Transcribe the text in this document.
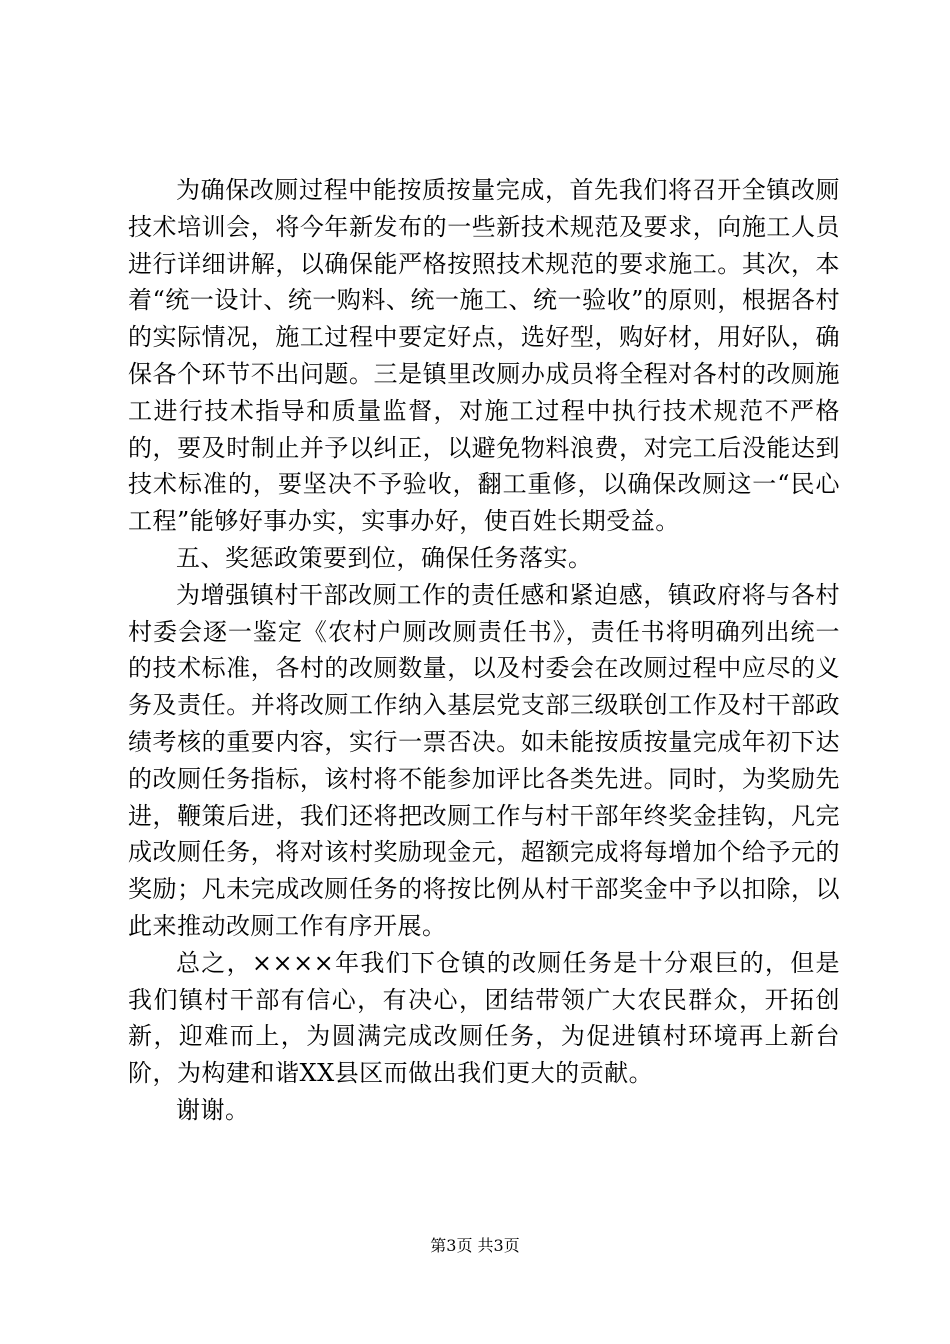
为确保改厕过程中能按质按量完成，首先我们将召开全镇改厕技术培训会，将今年新发布的一些新技术规范及要求，向施工人员进行详细讲解，以确保能严格按照技术规范的要求施工。其次，本着“统一设计、统一购料、统一施工、统一验收”的原则，根据各村的实际情况，施工过程中要定好点，选好型，购好材，用好队，确保各个环节不出问题。三是镇里改厕办成员将全程对各村的改厕施工进行技术指导和质量监督，对施工过程中执行技术规范不严格的，要及时制止并予以纠正，以避免物料浪费，对完工后没能达到技术标准的，要坚决不予验收，翻工重修，以确保改厕这一“民心工程”能够好事办实，实事办好，使百姓长期受益。

五、奖惩政策要到位，确保任务落实。

为增强镇村干部改厕工作的责任感和紧迫感，镇政府将与各村村委会逐一鉴定《农村户厕改厕责任书》，责任书将明确列出统一的技术标准，各村的改厕数量，以及村委会在改厕过程中应尽的义务及责任。并将改厕工作纳入基层党支部三级联创工作及村干部政绩考核的重要内容，实行一票否决。如未能按质按量完成年初下达的改厕任务指标，该村将不能参加评比各类先进。同时，为奖励先进，鞭策后进，我们还将把改厕工作与村干部年终奖金挂钩，凡完成改厕任务，将对该村奖励现金元，超额完成将每增加个给予元的奖励；凡未完成改厕任务的将按比例从村干部奖金中予以扣除，以此来推动改厕工作有序开展。

总之，××××年我们下仓镇的改厕任务是十分艰巨的，但是我们镇村干部有信心，有决心，团结带领广大农民群众，开拓创新，迎难而上，为圆满完成改厕任务，为促进镇村环境再上新台阶，为构建和谐XX县区而做出我们更大的贡献。

谢谢。

第3页 共3页
